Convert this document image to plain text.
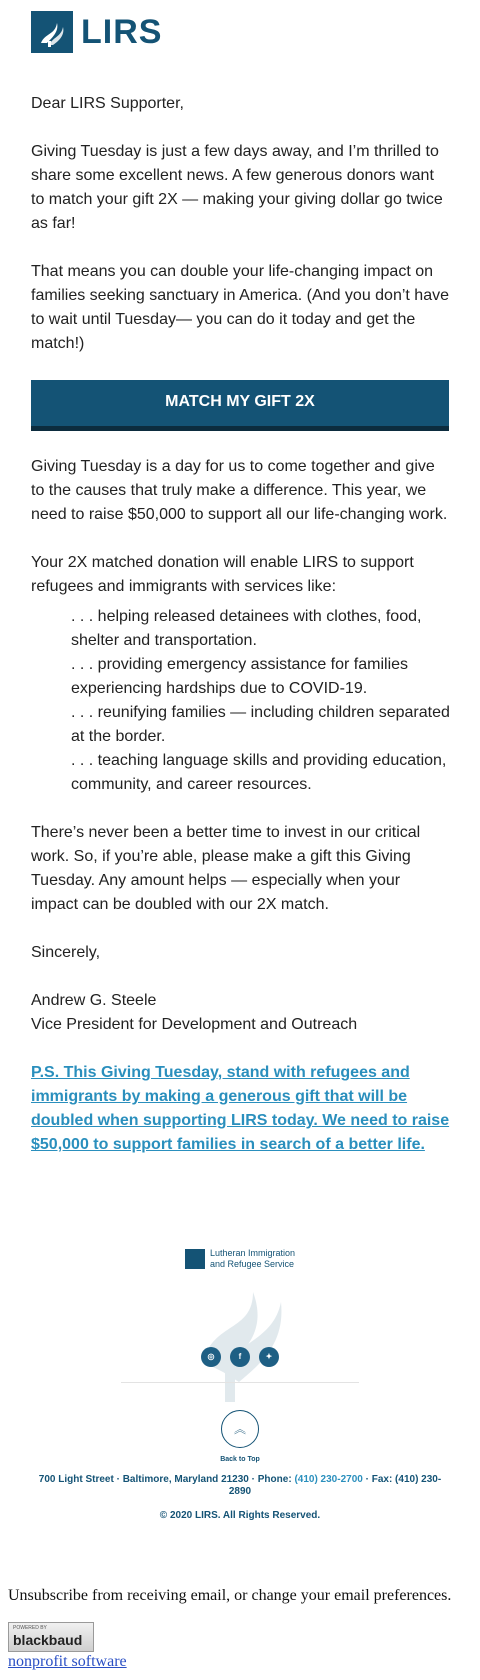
LIRS

Dear LIRS Supporter,

Giving Tuesday is just a few days away, and I’m thrilled to share some excellent news. A few generous donors want to match your gift 2X — making your giving dollar go twice as far!

That means you can double your life-changing impact on families seeking sanctuary in America. (And you don’t have to wait until Tuesday— you can do it today and get the match!)

MATCH MY GIFT 2X

Giving Tuesday is a day for us to come together and give to the causes that truly make a difference. This year, we need to raise $50,000 to support all our life-changing work.

Your 2X matched donation will enable LIRS to support refugees and immigrants with services like:

. . . helping released detainees with clothes, food, shelter and transportation.
. . . providing emergency assistance for families experiencing hardships due to COVID-19.
. . . reunifying families — including children separated at the border.
. . . teaching language skills and providing education, community, and career resources.

There’s never been a better time to invest in our critical work. So, if you’re able, please make a gift this Giving Tuesday. Any amount helps — especially when your impact can be doubled with our 2X match.

Sincerely,

Andrew G. Steele

Vice President for Development and Outreach

P.S. This Giving Tuesday, stand with refugees and immigrants by making a generous gift that will be doubled when supporting LIRS today. We need to raise $50,000 to support families in search of a better life.

Lutheran Immigration
and Refugee Service
◎	f	✦
︽
Back to Top
700 Light Street · Baltimore, Maryland 21230 · Phone: (410) 230-2700 · Fax: (410) 230-2890
© 2020 LIRS. All Rights Reserved.
Unsubscribe from receiving email, or change your email preferences.
POWERED BY
blackbaud
nonprofit software
